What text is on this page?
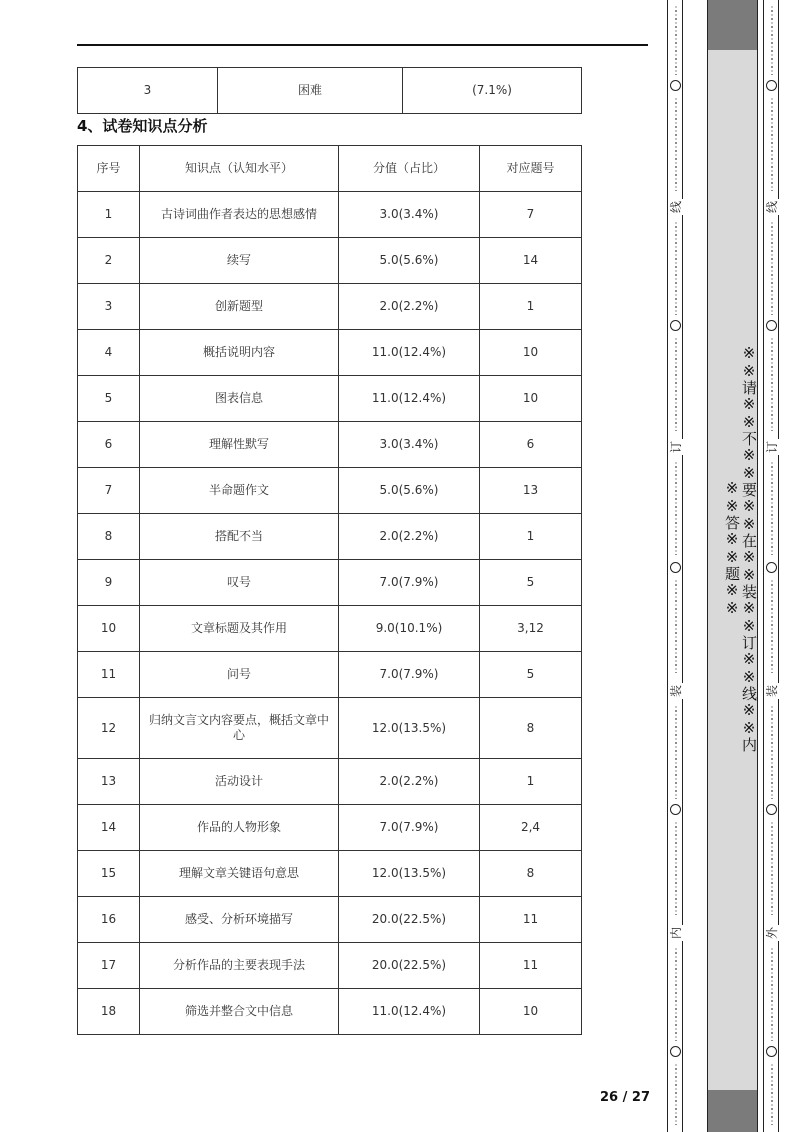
3	困难	(7.1%)
4、试卷知识点分析
序号	知识点（认知水平）	分值（占比）	对应题号
1	古诗词曲作者表达的思想感情	3.0(3.4%)	7
2	续写	5.0(5.6%)	14
3	创新题型	2.0(2.2%)	1
4	概括说明内容	11.0(12.4%)	10
5	图表信息	11.0(12.4%)	10
6	理解性默写	3.0(3.4%)	6
7	半命题作文	5.0(5.6%)	13
8	搭配不当	2.0(2.2%)	1
9	叹号	7.0(7.9%)	5
10	文章标题及其作用	9.0(10.1%)	3,12
11	问号	7.0(7.9%)	5
12	归纳文言文内容要点，概括文章中心	12.0(13.5%)	8
13	活动设计	2.0(2.2%)	1
14	作品的人物形象	7.0(7.9%)	2,4
15	理解文章关键语句意思	12.0(13.5%)	8
16	感受、分析环境描写	20.0(22.5%)	11
17	分析作品的主要表现手法	20.0(22.5%)	11
18	筛选并整合文中信息	11.0(12.4%)	10
26 / 27
⋮
⋮
⋮
⋮
⋮
⋮
⋮
⋮
⋮
⋮
⋮
⋮
⋮
⋮
⋮
⋮
⋮
⋮
⋮
⋮
⋮
⋮
⋮
⋮
⋮
⋮
⋮
⋮
⋮
⋮
⋮
⋮
⋮
⋮
⋮
⋮
⋮
⋮
⋮
⋮
⋮
⋮
⋮
⋮
⋮
⋮
⋮
⋮
⋮
⋮
⋮
⋮
⋮
⋮
⋮
⋮
⋮
⋮
⋮
⋮
⋮
⋮
⋮
⋮
⋮
⋮
⋮
⋮
⋮
⋮
⋮
⋮
⋮
⋮
⋮
⋮
⋮
⋮
⋮
⋮
⋮
⋮
⋮
⋮
⋮
⋮
⋮
⋮
⋮
⋮
⋮
⋮
⋮
⋮
⋮
⋮
⋮
⋮
⋮
⋮
⋮
⋮
⋮
⋮
⋮
⋮
⋮
⋮
⋮
⋮
⋮
⋮
⋮
线
订
装
内
※※请※※不※※要※※在※※装※※订※※线※※内※※答※※题※※
⋮
⋮
⋮
⋮
⋮
⋮
⋮
⋮
⋮
⋮
⋮
⋮
⋮
⋮
⋮
⋮
⋮
⋮
⋮
⋮
⋮
⋮
⋮
⋮
⋮
⋮
⋮
⋮
⋮
⋮
⋮
⋮
⋮
⋮
⋮
⋮
⋮
⋮
⋮
⋮
⋮
⋮
⋮
⋮
⋮
⋮
⋮
⋮
⋮
⋮
⋮
⋮
⋮
⋮
⋮
⋮
⋮
⋮
⋮
⋮
⋮
⋮
⋮
⋮
⋮
⋮
⋮
⋮
⋮
⋮
⋮
⋮
⋮
⋮
⋮
⋮
⋮
⋮
⋮
⋮
⋮
⋮
⋮
⋮
⋮
⋮
⋮
⋮
⋮
⋮
⋮
⋮
⋮
⋮
⋮
⋮
⋮
⋮
⋮
⋮
⋮
⋮
⋮
⋮
⋮
⋮
⋮
⋮
⋮
⋮
⋮
⋮
⋮
线
订
装
外
